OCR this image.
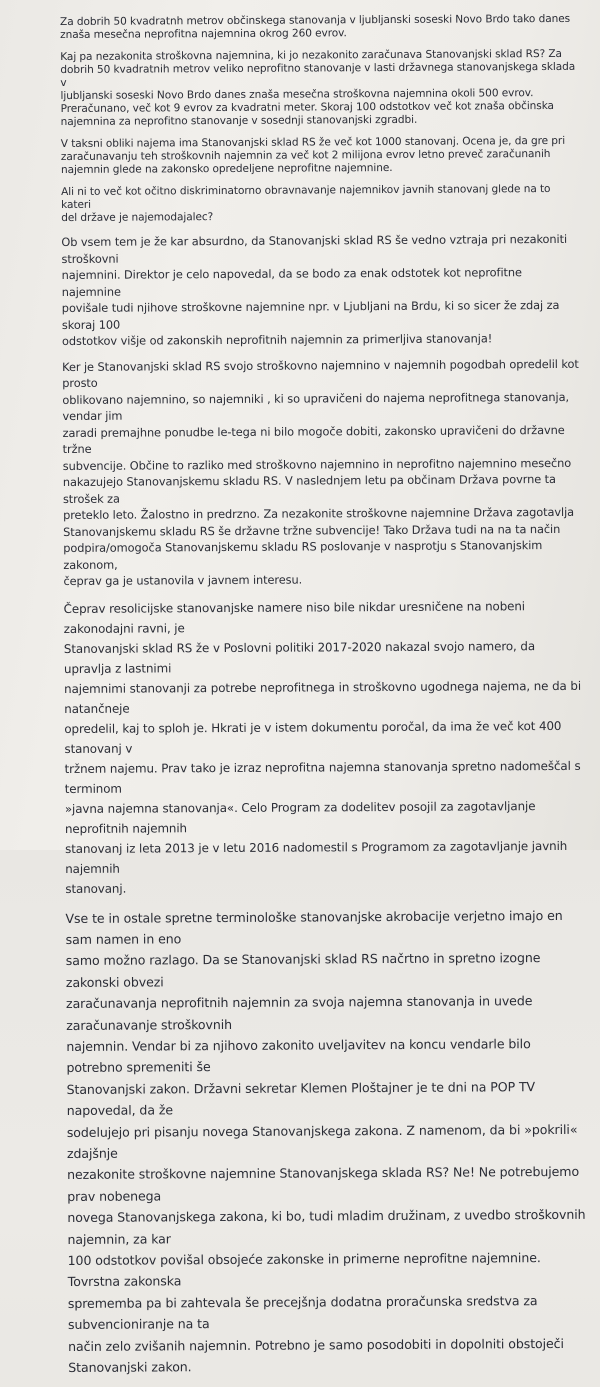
Za dobrih 50 kvadratnh metrov občinskega stanovanja v ljubljanski soseski Novo Brdo tako danes
znaša mesečna neprofitna najemnina okrog 260 evrov.

Kaj pa nezakonita stroškovna najemnina, ki jo nezakonito zaračunava Stanovanjski sklad RS? Za
dobrih 50 kvadratnih metrov veliko neprofitno stanovanje v lasti državnega stanovanjskega sklada v
ljubljanski soseski Novo Brdo danes znaša mesečna stroškovna najemnina okoli 500 evrov.
Preračunano, več kot 9 evrov za kvadratni meter. Skoraj 100 odstotkov več kot znaša občinska
najemnina za neprofitno stanovanje v sosednji stanovanjski zgradbi.

V taksni obliki najema ima Stanovanjski sklad RS že več kot 1000 stanovanj. Ocena je, da gre pri
zaračunavanju teh stroškovnih najemnin za več kot 2 milijona evrov letno preveč zaračunanih
najemnin glede na zakonsko opredeljene neprofitne najemnine.

Ali ni to več kot očitno diskriminatorno obravnavanje najemnikov javnih stanovanj glede na to kateri
del države je najemodajalec?

Ob vsem tem je že kar absurdno, da Stanovanjski sklad RS še vedno vztraja pri nezakoniti stroškovni
najemnini. Direktor je celo napovedal, da se bodo za enak odstotek kot neprofitne najemnine
povišale tudi njihove stroškovne najemnine npr. v Ljubljani na Brdu, ki so sicer že zdaj za skoraj 100
odstotkov višje od zakonskih neprofitnih najemnin za primerljiva stanovanja!

Ker je Stanovanjski sklad RS svojo stroškovno najemnino v najemnih pogodbah opredelil kot prosto
oblikovano najemnino, so najemniki , ki so upravičeni do najema neprofitnega stanovanja, vendar jim
zaradi premajhne ponudbe le-tega ni bilo mogoče dobiti, zakonsko upravičeni do državne tržne
subvencije. Občine to razliko med stroškovno najemnino in neprofitno najemnino mesečno
nakazujejo Stanovanjskemu skladu RS. V naslednjem letu pa občinam Država povrne ta strošek za
preteklo leto. Žalostno in predrzno. Za nezakonite stroškovne najemnine Država zagotavlja
Stanovanjskemu skladu RS še državne tržne subvencije! Tako Država tudi na na ta način
podpira/omogoča Stanovanjskemu skladu RS poslovanje v nasprotju s Stanovanjskim zakonom,
čeprav ga je ustanovila v javnem interesu.

Čeprav resolicijske stanovanjske namere niso bile nikdar uresničene na nobeni zakonodajni ravni, je
Stanovanjski sklad RS že v Poslovni politiki 2017-2020 nakazal svojo namero, da upravlja z lastnimi
najemnimi stanovanji za potrebe neprofitnega in stroškovno ugodnega najema, ne da bi natančneje
opredelil, kaj to sploh je. Hkrati je v istem dokumentu poročal, da ima že več kot 400 stanovanj v
tržnem najemu. Prav tako je izraz neprofitna najemna stanovanja spretno nadomeščal s terminom
»javna najemna stanovanja«. Celo Program za dodelitev posojil za zagotavljanje neprofitnih najemnih
stanovanj iz leta 2013 je v letu 2016 nadomestil s Programom za zagotavljanje javnih najemnih
stanovanj.

Vse te in ostale spretne terminološke stanovanjske akrobacije verjetno imajo en sam namen in eno
samo možno razlago. Da se Stanovanjski sklad RS načrtno in spretno izogne zakonski obvezi
zaračunavanja neprofitnih najemnin za svoja najemna stanovanja in uvede zaračunavanje stroškovnih
najemnin. Vendar bi za njihovo zakonito uveljavitev na koncu vendarle bilo potrebno spremeniti še
Stanovanjski zakon. Državni sekretar Klemen Ploštajner je te dni na POP TV napovedal, da že
sodelujejo pri pisanju novega Stanovanjskega zakona. Z namenom, da bi »pokrili« zdajšnje
nezakonite stroškovne najemnine Stanovanjskega sklada RS? Ne! Ne potrebujemo prav nobenega
novega Stanovanjskega zakona, ki bo, tudi mladim družinam, z uvedbo stroškovnih najemnin, za kar
100 odstotkov povišal obsojeće zakonske in primerne neprofitne najemnine. Tovrstna zakonska
sprememba pa bi zahtevala še precejšnja dodatna proračunska sredstva za subvencioniranje na ta
način zelo zvišanih najemnin. Potrebno je samo posodobiti in dopolniti obstoječi Stanovanjski zakon.
